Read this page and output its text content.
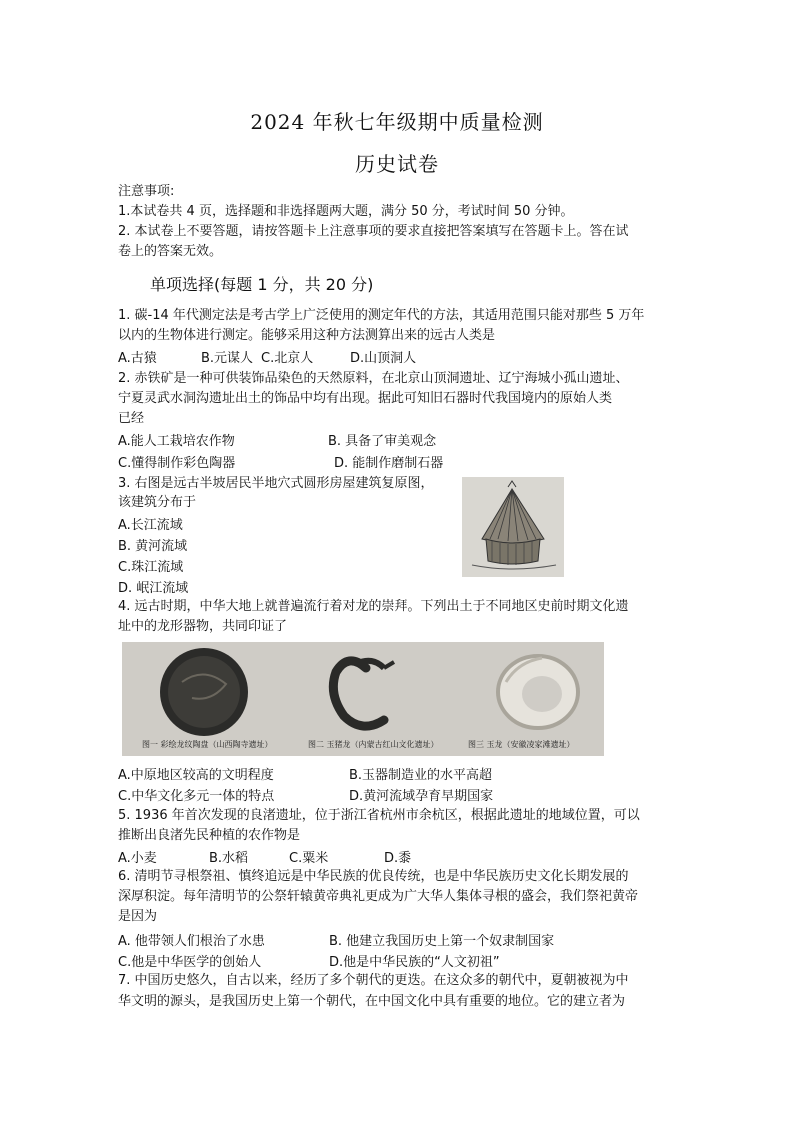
2024 年秋七年级期中质量检测
历史试卷
注意事项:
1.本试卷共 4 页，选择题和非选择题两大题，满分 50 分，考试时间 50 分钟。
2. 本试卷上不要答题，请按答题卡上注意事项的要求直接把答案填写在答题卡上。答在试
卷上的答案无效。
单项选择(每题 1 分，共 20 分)
1. 碳-14 年代测定法是考古学上广泛使用的测定年代的方法，其适用范围只能对那些 5 万年
以内的生物体进行测定。能够采用这种方法测算出来的远古人类是
A.古猿	B.元谋人 C.北京人	D.山顶洞人
2. 赤铁矿是一种可供装饰品染色的天然原料，在北京山顶洞遗址、辽宁海城小孤山遗址、
宁夏灵武水洞沟遗址出土的饰品中均有出现。据此可知旧石器时代我国境内的原始人类
已经
A.能人工栽培农作物	B. 具备了审美观念
C.懂得制作彩色陶器	D. 能制作磨制石器
3. 右图是远古半坡居民半地穴式圆形房屋建筑复原图，
该建筑分布于
A.长江流域
B. 黄河流域
C.珠江流域
D. 岷江流域
4. 远古时期，中华大地上就普遍流行着对龙的崇拜。下列出土于不同地区史前时期文化遗
址中的龙形器物，共同印证了
图一 彩绘龙纹陶盘（山西陶寺遗址）	图二 玉猪龙（内蒙古红山文化遗址）	图三 玉龙（安徽凌家滩遗址）
A.中原地区较高的文明程度	B.玉器制造业的水平高超
C.中华文化多元一体的特点	D.黄河流域孕育早期国家
5. 1936 年首次发现的良渚遗址，位于浙江省杭州市余杭区，根据此遗址的地域位置，可以
推断出良渚先民种植的农作物是
A.小麦	B.水稻	C.粟米	D.黍
6. 清明节寻根祭祖、慎终追远是中华民族的优良传统，也是中华民族历史文化长期发展的
深厚积淀。每年清明节的公祭轩辕黄帝典礼更成为广大华人集体寻根的盛会，我们祭祀黄帝
是因为
A. 他带领人们根治了水患	B. 他建立我国历史上第一个奴隶制国家
C.他是中华医学的创始人	D.他是中华民族的“人文初祖”
7. 中国历史悠久，自古以来，经历了多个朝代的更迭。在这众多的朝代中，夏朝被视为中
华文明的源头，是我国历史上第一个朝代，在中国文化中具有重要的地位。它的建立者为
